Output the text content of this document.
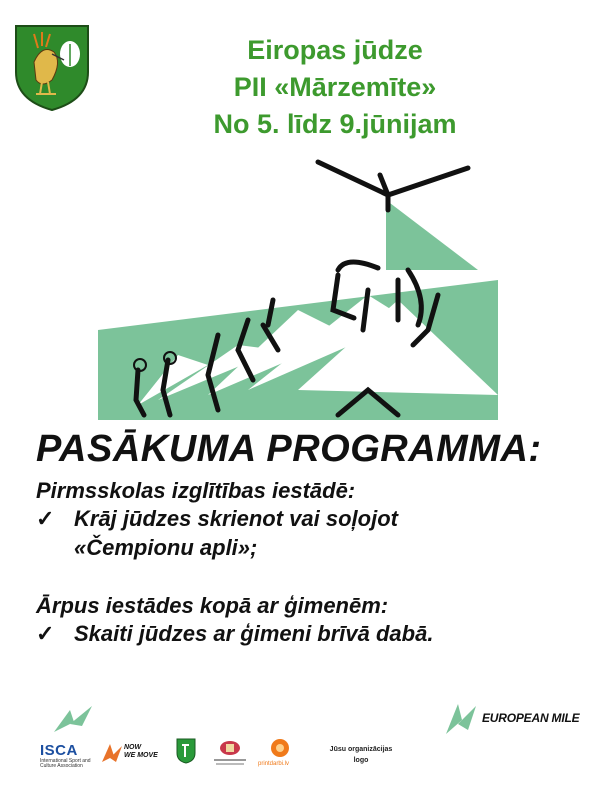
Eiropas jūdze
PII «Mārzemīte»
No 5. līdz 9.jūnijam
PASĀKUMA PROGRAMMA:
Pirmsskolas izglītības iestādē:
✓ Krāj jūdzes skrienot vai soļojot
«Čempionu apli»;
Ārpus iestādes kopā ar ģimenēm:
✓ Skaiti jūdzes ar ģimeni brīvā dabā.
EUROPEAN MILE
ISCA
International Sport and
Culture Association
NOW
WE MOVE
printdarbi.lv
Jūsu organizācijas
logo
